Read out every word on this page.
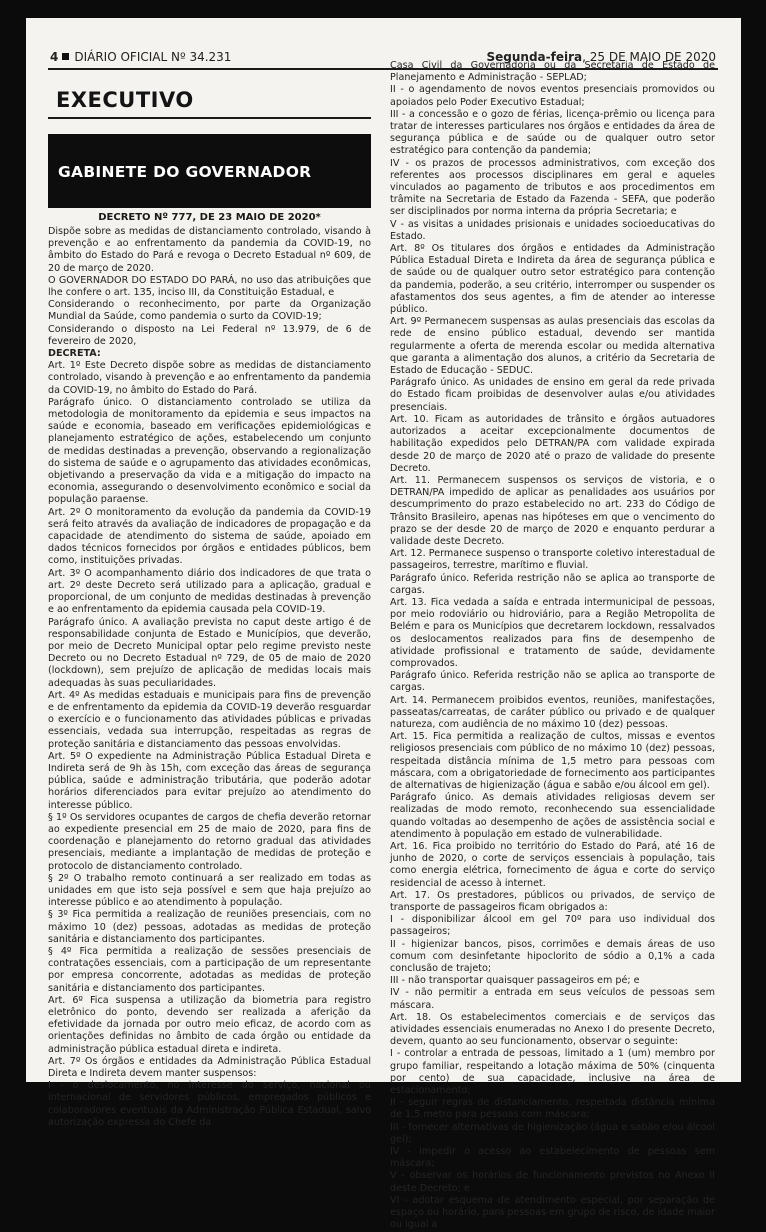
4 DIÁRIO OFICIAL Nº 34.231	Segunda-feira, 25 DE MAIO DE 2020
EXECUTIVO
GABINETE DO GOVERNADOR
DECRETO Nº 777, DE 23 MAIO DE 2020*

Dispõe sobre as medidas de distanciamento controlado, visando à prevenção e ao enfrentamento da pandemia da COVID-19, no âmbito do Estado do Pará e revoga o Decreto Estadual nº 609, de 20 de março de 2020.

O GOVERNADOR DO ESTADO DO PARÁ, no uso das atribuições que lhe confere o art. 135, inciso III, da Constituição Estadual, e

Considerando o reconhecimento, por parte da Organização Mundial da Saúde, como pandemia o surto da COVID-19;

Considerando o disposto na Lei Federal nº 13.979, de 6 de fevereiro de 2020,

DECRETA:

Art. 1º Este Decreto dispõe sobre as medidas de distanciamento controlado, visando à prevenção e ao enfrentamento da pandemia da COVID-19, no âmbito do Estado do Pará.

Parágrafo único. O distanciamento controlado se utiliza da metodologia de monitoramento da epidemia e seus impactos na saúde e economia, baseado em verificações epidemiológicas e planejamento estratégico de ações, estabelecendo um conjunto de medidas destinadas a prevenção, observando a regionalização do sistema de saúde e o agrupamento das atividades econômicas, objetivando a preservação da vida e a mitigação do impacto na economia, assegurando o desenvolvimento econômico e social da população paraense.

Art. 2º O monitoramento da evolução da pandemia da COVID-19 será feito através da avaliação de indicadores de propagação e da capacidade de atendimento do sistema de saúde, apoiado em dados técnicos fornecidos por órgãos e entidades públicos, bem como, instituições privadas.

Art. 3º O acompanhamento diário dos indicadores de que trata o art. 2º deste Decreto será utilizado para a aplicação, gradual e proporcional, de um conjunto de medidas destinadas à prevenção e ao enfrentamento da epidemia causada pela COVID-19.

Parágrafo único. A avaliação prevista no caput deste artigo é de responsabilidade conjunta de Estado e Municípios, que deverão, por meio de Decreto Municipal optar pelo regime previsto neste Decreto ou no Decreto Estadual nº 729, de 05 de maio de 2020 (lockdown), sem prejuízo de aplicação de medidas locais mais adequadas às suas peculiaridades.

Art. 4º As medidas estaduais e municipais para fins de prevenção e de enfrentamento da epidemia da COVID-19 deverão resguardar o exercício e o funcionamento das atividades públicas e privadas essenciais, vedada sua interrupção, respeitadas as regras de proteção sanitária e distanciamento das pessoas envolvidas.

Art. 5º O expediente na Administração Pública Estadual Direta e Indireta será de 9h às 15h, com exceção das áreas de segurança pública, saúde e administração tributária, que poderão adotar horários diferenciados para evitar prejuízo ao atendimento do interesse público.

§ 1º Os servidores ocupantes de cargos de chefia deverão retornar ao expediente presencial em 25 de maio de 2020, para fins de coordenação e planejamento do retorno gradual das atividades presenciais, mediante a implantação de medidas de proteção e protocolo de distanciamento controlado.

§ 2º O trabalho remoto continuará a ser realizado em todas as unidades em que isto seja possível e sem que haja prejuízo ao interesse público e ao atendimento à população.

§ 3º Fica permitida a realização de reuniões presenciais, com no máximo 10 (dez) pessoas, adotadas as medidas de proteção sanitária e distanciamento dos participantes.

§ 4º Fica permitida a realização de sessões presenciais de contratações essenciais, com a participação de um representante por empresa concorrente, adotadas as medidas de proteção sanitária e distanciamento dos participantes.

Art. 6º Fica suspensa a utilização da biometria para registro eletrônico do ponto, devendo ser realizada a aferição da efetividade da jornada por outro meio eficaz, de acordo com as orientações definidas no âmbito de cada órgão ou entidade da administração pública estadual direta e indireta.

Art. 7º Os órgãos e entidades da Administração Pública Estadual Direta e Indireta devem manter suspensos:

I - o deslocamento, no interesse do serviço, nacional ou internacional de servidores públicos, empregados públicos e colaboradores eventuais da Administração Pública Estadual, salvo autorização expressa do Chefe da

Casa Civil da Governadoria ou da Secretaria de Estado de Planejamento e Administração - SEPLAD;

II - o agendamento de novos eventos presenciais promovidos ou apoiados pelo Poder Executivo Estadual;

III - a concessão e o gozo de férias, licença-prêmio ou licença para tratar de interesses particulares nos órgãos e entidades da área de segurança pública e de saúde ou de qualquer outro setor estratégico para contenção da pandemia;

IV - os prazos de processos administrativos, com exceção dos referentes aos processos disciplinares em geral e aqueles vinculados ao pagamento de tributos e aos procedimentos em trâmite na Secretaria de Estado da Fazenda - SEFA, que poderão ser disciplinados por norma interna da própria Secretaria; e

V - as visitas a unidades prisionais e unidades socioeducativas do Estado.

Art. 8º Os titulares dos órgãos e entidades da Administração Pública Estadual Direta e Indireta da área de segurança pública e de saúde ou de qualquer outro setor estratégico para contenção da pandemia, poderão, a seu critério, interromper ou suspender os afastamentos dos seus agentes, a fim de atender ao interesse público.

Art. 9º Permanecem suspensas as aulas presenciais das escolas da rede de ensino público estadual, devendo ser mantida regularmente a oferta de merenda escolar ou medida alternativa que garanta a alimentação dos alunos, a critério da Secretaria de Estado de Educação - SEDUC.

Parágrafo único. As unidades de ensino em geral da rede privada do Estado ficam proibidas de desenvolver aulas e/ou atividades presenciais.

Art. 10. Ficam as autoridades de trânsito e órgãos autuadores autorizados a aceitar excepcionalmente documentos de habilitação expedidos pelo DETRAN/PA com validade expirada desde 20 de março de 2020 até o prazo de validade do presente Decreto.

Art. 11. Permanecem suspensos os serviços de vistoria, e o DETRAN/PA impedido de aplicar as penalidades aos usuários por descumprimento do prazo estabelecido no art. 233 do Código de Trânsito Brasileiro, apenas nas hipóteses em que o vencimento do prazo se der desde 20 de março de 2020 e enquanto perdurar a validade deste Decreto.

Art. 12. Permanece suspenso o transporte coletivo interestadual de passageiros, terrestre, marítimo e fluvial.

Parágrafo único. Referida restrição não se aplica ao transporte de cargas.

Art. 13. Fica vedada a saída e entrada intermunicipal de pessoas, por meio rodoviário ou hidroviário, para a Região Metropolita de Belém e para os Municípios que decretarem lockdown, ressalvados os deslocamentos realizados para fins de desempenho de atividade profissional e tratamento de saúde, devidamente comprovados.

Parágrafo único. Referida restrição não se aplica ao transporte de cargas.

Art. 14. Permanecem proibidos eventos, reuniões, manifestações, passeatas/carreatas, de caráter público ou privado e de qualquer natureza, com audiência de no máximo 10 (dez) pessoas.

Art. 15. Fica permitida a realização de cultos, missas e eventos religiosos presenciais com público de no máximo 10 (dez) pessoas, respeitada distância mínima de 1,5 metro para pessoas com máscara, com a obrigatoriedade de fornecimento aos participantes de alternativas de higienização (água e sabão e/ou álcool em gel).

Parágrafo único. As demais atividades religiosas devem ser realizadas de modo remoto, reconhecendo sua essencialidade quando voltadas ao desempenho de ações de assistência social e atendimento à população em estado de vulnerabilidade.

Art. 16. Fica proibido no território do Estado do Pará, até 16 de junho de 2020, o corte de serviços essenciais à população, tais como energia elétrica, fornecimento de água e corte do serviço residencial de acesso à internet.

Art. 17. Os prestadores, públicos ou privados, de serviço de transporte de passageiros ficam obrigados a:

I - disponibilizar álcool em gel 70º para uso individual dos passageiros;

II - higienizar bancos, pisos, corrimões e demais áreas de uso comum com desinfetante hipoclorito de sódio a 0,1% a cada conclusão de trajeto;

III - não transportar quaisquer passageiros em pé; e

IV - não permitir a entrada em seus veículos de pessoas sem máscara.

Art. 18. Os estabelecimentos comerciais e de serviços das atividades essenciais enumeradas no Anexo I do presente Decreto, devem, quanto ao seu funcionamento, observar o seguinte:

I - controlar a entrada de pessoas, limitado a 1 (um) membro por grupo familiar, respeitando a lotação máxima de 50% (cinquenta por cento) de sua capacidade, inclusive na área de estacionamento;

II - seguir regras de distanciamento, respeitada distância mínima de 1,5 metro para pessoas com máscara;

III - fornecer alternativas de higienização (água e sabão e/ou álcool gel);

IV - impedir o acesso ao estabelecimento de pessoas sem máscara;

V - observar os horários de funcionamento previstos no Anexo II deste Decreto; e

VI - adotar esquema de atendimento especial, por separação de espaço ou horário, para pessoas em grupo de risco, de idade maior ou igual a
